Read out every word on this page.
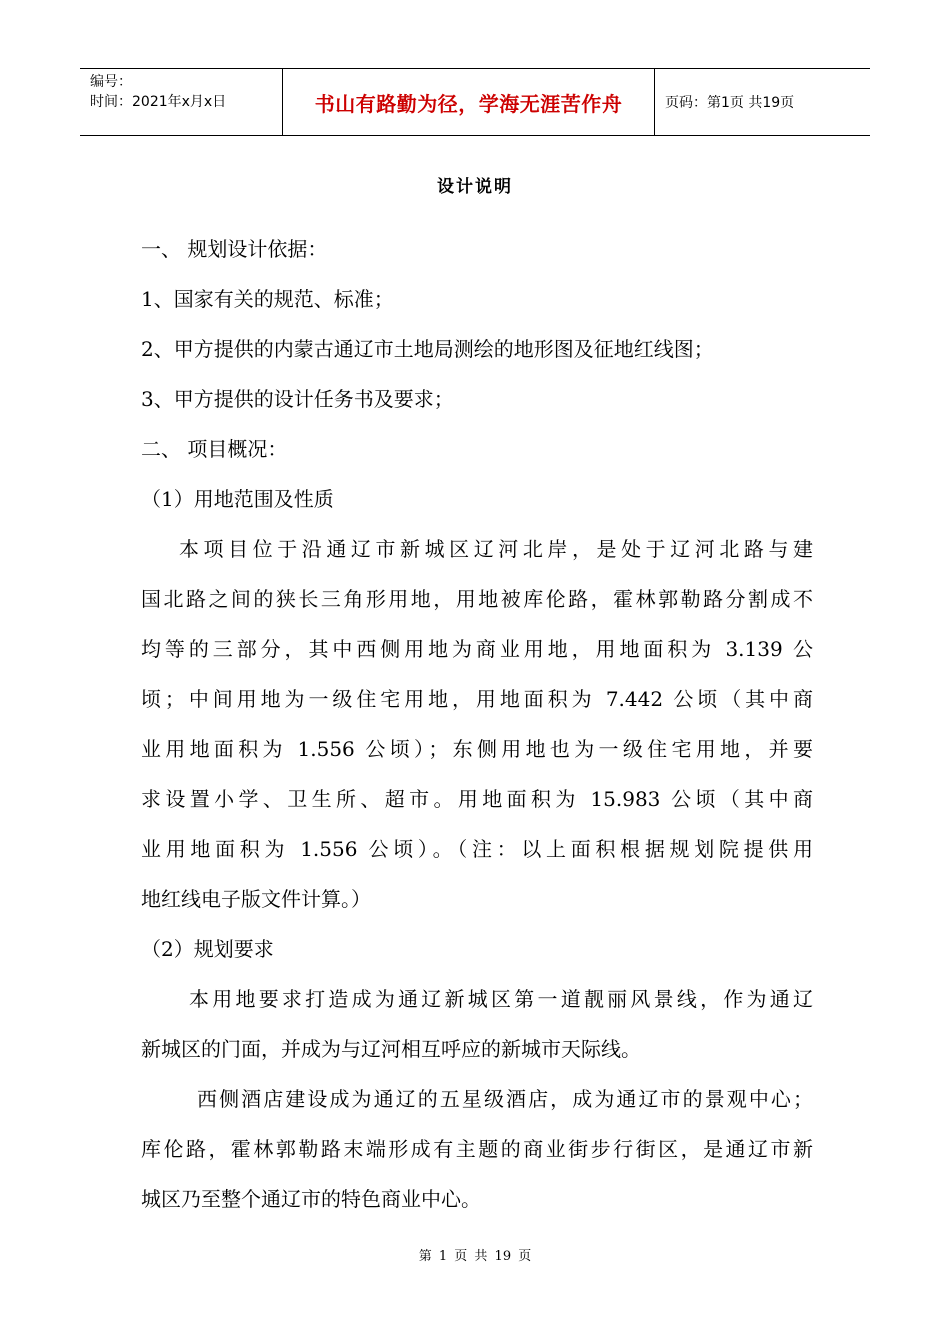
编号：
时间：2021年x月x日	书山有路勤为径，学海无涯苦作舟	页码：第1页 共19页
设计说明

一、 规划设计依据：

1、国家有关的规范、标准；

2、甲方提供的内蒙古通辽市土地局测绘的地形图及征地红线图；

3、甲方提供的设计任务书及要求；

二、 项目概况：

（1）用地范围及性质

本项目位于沿通辽市新城区辽河北岸，是处于辽河北路与建

国北路之间的狭长三角形用地，用地被库伦路，霍林郭勒路分割成不

均等的三部分，其中西侧用地为商业用地，用地面积为 3.139 公

顷；中间用地为一级住宅用地，用地面积为 7.442 公顷（其中商

业用地面积为 1.556 公顷）；东侧用地也为一级住宅用地，并要

求设置小学、卫生所、超市。用地面积为 15.983 公顷（其中商

业用地面积为 1.556 公顷）。（注：以上面积根据规划院提供用

地红线电子版文件计算。）

（2）规划要求

本用地要求打造成为通辽新城区第一道靓丽风景线，作为通辽

新城区的门面，并成为与辽河相互呼应的新城市天际线。

西侧酒店建设成为通辽的五星级酒店，成为通辽市的景观中心；

库伦路，霍林郭勒路末端形成有主题的商业街步行街区，是通辽市新

城区乃至整个通辽市的特色商业中心。

第 1 页 共 19 页
